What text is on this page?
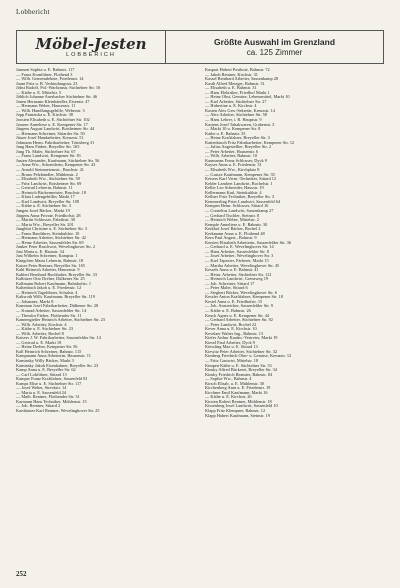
Lobbericht
Möbel-Jesten
LOBBERICH
Größte Auswahl im Grenzland
ca. 125 Zimmer
Janssen Sophia u. E. Bahnstr. 117
— Franz Kranführer, Flothend 3
— Wilh. Gemeindebote, Friedenstr. 14
Jaunt Fritz u. B. Verbindungsstr. 23
Jöbst Rudolf, Pol.-Wachtmstr. Süchtelner Str. 16
— Käthe u. E. Mittelstr. 5
Jöhlich Johanne Auerbacher Süchtelner Str. 46
Jonen Hermann Kleinhändler, Eisenstr. 47
— Hermann Weber, Hausenstr. 11
— Wilh. Handlungsgehilfe, Weberstr. 3
Jopp Franziska u. E. Kirchstr. 38
Joosten Elisabeth u. E. Süchtelner Str. 102
Jossner Anneliese u. E. Kempener Str. 17
Jürgens August Landwirt, Boisheimer Str. 44
— Hermann Schreiner, Sittarder Str. 50
Jüsser Josef Handarbeiter, Kreuzstr. 51
Jobmann Herm. Fabrikarbeiter, Tönisberg 31
Jung Hans Färber, Breyeller Str. 165
Jung Th. Maler, Süchtelner Str. 67
— Franz Landwirt, Kempener Str. 81
Justen Alexander, Kaufmann, Süchtelner Str. 56
— Anna Ww., Schneiderin, Kempener Str. 43
— Arnold Steinmetzmstr., Bruchstr. 41
— Bruno Pelzhändler, Mühlenstr. 2
— Elisabeth Ww., Süchtelner Str. 58
— Fritz Landwirt, Boisheimer Str. 69
— Gertrud Lehrerin, Bahnstr. 11
— Heinrich Bäckermeister, Bruchstr. 18
— Klara Ladengehilfin, Markt 17
— Karl Landwirt, Breyeller Str. 109
— Käthe u. E. Süchtelner Str. 3
Jungen Josef Bäcker, Markt 19
Jürgens Anna Private, Friedhofstr. 28
— Martin Schlosser, Fabrikstr. 30
— Maria Ww., Breyeller Str. 201
Jungblut Christine u. E. Süchtelner Str. 3
— Franz Bauführer, Steinkuhlstr. 10
— Hermann Arbeiter, Süchtelner Str. 42
— Heinz Arbeiter, Sassenfelder Str. 69
Junker Peter Bruchwirt, Wevelinghover Str. 2
Just Maria u. E. Hausstr. 34
Just Wilhelm Schreiner, Kampstr. 1
Kängchen Maria Lehrerin, Bahnstr. 18
Kaiser Peter Rentner, Breyeller Str. 165
Kahl Heinrich Arbeiter, Hausenstr. 9
Kahlert Bernhard Buchhalter, Breyeller Str. 33
Kalbitzer Otto Dreher, Dülkener Str. 25
Kallmann Robert Kaufmann, Bahnhofstr. 1
Kaltenbach Jakob u. E. Friedenstr. 12
— Heinrich Tagelöhner, Schulstr. 4
Kaltsroth Wilh. Kaufmann, Breyeller Str. 119
— Johannes, Markt 8
Kamman Josef Fabrikarbeiter, Dülkener Str. 28
— Konrad Arbeiter, Sassenfelder Str. 14
— Theodor Färber, Flothender Str. 11
Kannengießer Heinrich Arbeiter, Süchtelner Str. 23
— Wilh. Arbeiter, Kirchstr. 4
— Käthe u. E. Süchtelner Str. 23
— Wilh. Arbeiter, Bochel 8
Kaisers J. W. Fabrikarbeiter, Sassenfelder Str. 14
— Gertrud u. E. Markt 18
— Heinz Dreher, Kempener Str. 56
Kall Heinrich Schreiner, Bahnstr. 115
Kampmann Anna Arbeiterin, Hausenstr. 11
Kaminsky Willy Bäcker, Markt 3
Kaminsky Jakob Eisenbahner, Breyeller Str. 23
Kamp Anna u. E. Breyeller Str. 62
— Carl Lokführer, Sittard 13
Kamper Franz Kraftfahrer, Sassenfeld 81
Kamps Elise u. E. Süchtelner Str. 117
— Josef Weber, Streckstr. 14
— Maria u. E. Sassenfeld 24
— Math. Rentner, Flothender Str. 31
Karmann Hans Techniker, Mühlenstr. 15
— Joh. Rentner, Sittard 2
Karthäuser Karl Rentner, Wevelinghover Str. 25
Kaspari Hubert Postbote, Bahnstr. 72
— Jakob Rentner, Kirchstr. 31
Kassel Bernhard Arbeiter, Sassenkamp 28
Kasth Alfred Metzger, Bahnstr. 31
— Elisabeth u. E. Bahnstr. 31
— Hans Elektriker, Friedhof Markt 1
— Heinz Obst, Gemüse, Lebensmittel, Markt 10
— Karl Arbeiter, Süchtelner Str. 27
— Hubertine u. E. Kirchstr. 4
Kasten Alex Gen.-Sekretär, Kreuzstr. 14
— Alex Arbeiter, Süchtelner Str. 58
— Hans Lehrer, i. R. Hauptstr. 9
Kastens Josef Tabakwaren, Grabenstr. 3
— Markt 10 u. Kempener Str. 8
Kathe u. E. Bahnstr. 35
— Heinz Kraftfahrer, Breyeller Str. 3
Kattenbusch Fritz Fabrikarbeiter, Kempener Str. 12
— Julius Angestellter, Breyeller Str. 2
— Peter Arbeiter, Hausenstr. 6
— Wilh. Arbeiter, Bahnstr. 10
Kaumanns Franz Schlosser, Dyck 9
Kayser Anna u. E. Friedenstr. 31
— Elisabeth Ww., Kirchplatz 8
— Gustav Kaufmann, Kempener Str. 35
Keisers Karl Verm.-Techniker, Sittard 12
Kelder Lambert Landwirt, Bochelstr. 1
Keller Leo Schneider, Hausstr. 19
Kellermann Karl, Steinkuhlstr. 4
Kellner Fritz Techniker, Breyeller Str. 3
Kemmerling Peter Landwirt, Sassenfeld 64
Kempen Heinr. Schlosser, Sittard 16
— Cornelius Landwirt, Sassenkamp 27
— Gerhard Tischler, Steinstr. 8
— Heinrich Weber, Mittelstr. 2
Kempfe Anneliese u. E. Bahnstr. 30
Kerkhof Josef Bäcker, Bochel 2
Kerkmann Anna u. E. Flothend 48
Kern Paul Angest., Bahnstr. 9
Kersten Elisabeth Arbeiterin, Sassenfelder Str. 36
— Gerhard u. E. Wevelinghover Str. 14
— Hans Arbeiter, Sassenfelder Str. 8
— Josef Arbeiter, Wevelinghover Str. 3
— Karl Tapezier, Färberei, Markt 15
— Martha Arbeiter, Wevelinghover Str. 45
Kessels Anna u. E. Bahnstr. 41
— Heinr. Arbeiter, Süchtelner Str. 121
— Heinrich Landwirt, Grenzweg 19
— Joh. Schreiner, Sittard 17
— Peter Maler, Sittard 6
— Siegbert Bäcker, Wevelinghover Str. 6
Kessler Anton Kraftfahrer, Kempener Str. 18
Kestel Anna u. E. Friedhofstr. 15
— Joh. Anstreicher, Sassenfelder Str. 9
— Käthe u. E. Bahnstr. 26
Keuck Agnes u. E. Kempener Str. 44
— Gerhard Arbeiter, Süchtelner Str. 92
— Peter Landwirt, Bochel 22
Kever Anna u. E. Kirchstr. 10
Kevelaer Walter Ing., Bahnstr. 13
Kiefer Arthur Kaufm.-Vertreter, Markt 19
Kiesel Paul Arbeiter, Dyck 9
Kiessling Max u. E. Sittard 13
Kiewitz Peter Arbeiter, Süchtelner Str. 32
Kimberg Friedrich Obst- u. Gemüse, Kreuzstr. 12
— Fritz Gastwirt, Mittelstr. 18
Kimpen Käthe u. E. Süchtelner Str. 33
Kinsky Alfred Bäckerei, Breyeller Str. 34
Kinsky Friedrich Beamter, Bahnstr. 84
— Sophie Ww., Bahnstr. 4
Kirsch Elisab. u. E. Mühlenstr. 30
Kirchenberg Anni u. E. Friedenstr. 19
Kirchner Emil Kaufmann, Markt 16
— Käthe u. E. Kirchstr. 26
Kirsten Robert Rentner, Mühlenstr. 18
Kissenberg Josef Landwirt, Sassenfeld 10
Klapp Fritz Klempner, Bahnstr. 12
Klapp Hubert Kaufmann, Steinstr. 19
252
